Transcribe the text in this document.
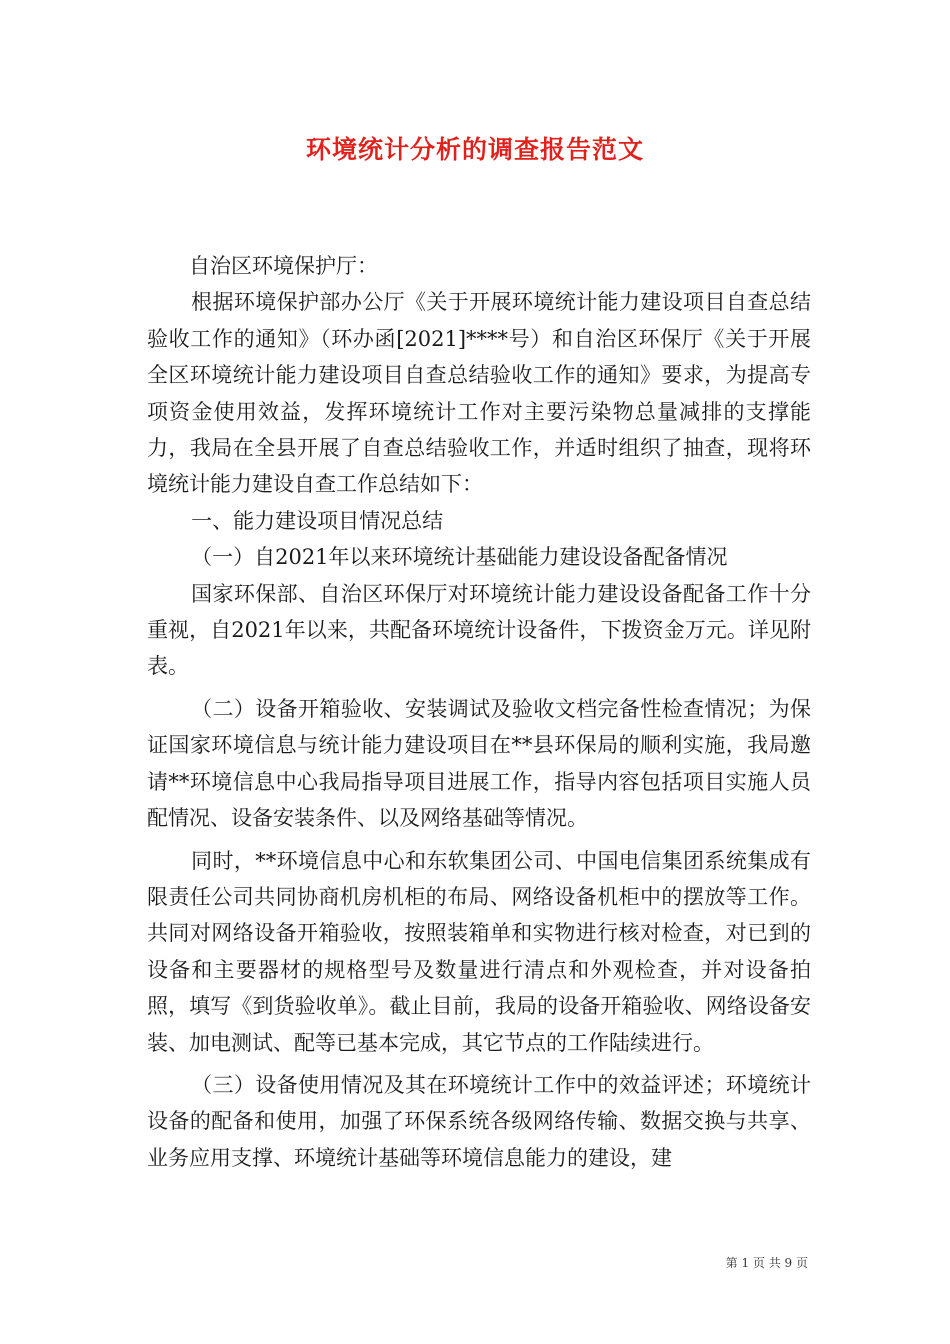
环境统计分析的调查报告范文

自治区环境保护厅：

根据环境保护部办公厅《关于开展环境统计能力建设项目自查总结验收工作的通知》（环办函[2021]****号）和自治区环保厅《关于开展全区环境统计能力建设项目自查总结验收工作的通知》要求，为提高专项资金使用效益，发挥环境统计工作对主要污染物总量减排的支撑能力，我局在全县开展了自查总结验收工作，并适时组织了抽查，现将环境统计能力建设自查工作总结如下：

一、能力建设项目情况总结

（一）自2021年以来环境统计基础能力建设设备配备情况

国家环保部、自治区环保厅对环境统计能力建设设备配备工作十分重视，自2021年以来，共配备环境统计设备件，下拨资金万元。详见附表。

（二）设备开箱验收、安装调试及验收文档完备性检查情况；为保证国家环境信息与统计能力建设项目在**县环保局的顺利实施，我局邀请**环境信息中心我局指导项目进展工作，指导内容包括项目实施人员配情况、设备安装条件、以及网络基础等情况。

同时，**环境信息中心和东软集团公司、中国电信集团系统集成有限责任公司共同协商机房机柜的布局、网络设备机柜中的摆放等工作。共同对网络设备开箱验收，按照装箱单和实物进行核对检查，对已到的设备和主要器材的规格型号及数量进行清点和外观检查，并对设备拍照，填写《到货验收单》。截止目前，我局的设备开箱验收、网络设备安装、加电测试、配等已基本完成，其它节点的工作陆续进行。

（三）设备使用情况及其在环境统计工作中的效益评述；环境统计设备的配备和使用，加强了环保系统各级网络传输、数据交换与共享、业务应用支撑、环境统计基础等环境信息能力的建设，建

第 1 页 共 9 页
